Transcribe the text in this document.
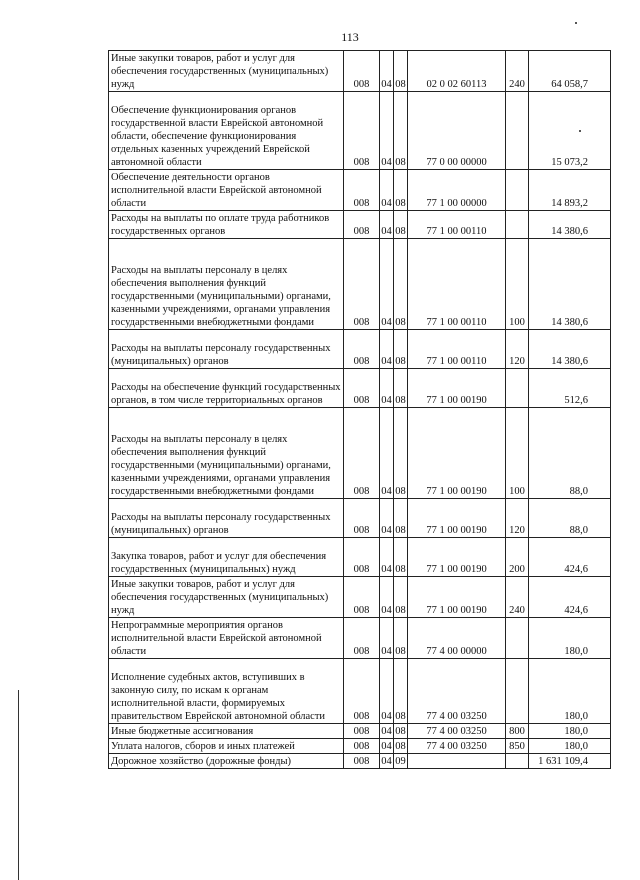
113
Иные закупки товаров, работ и услуг для обеспечения государственных (муниципальных) нужд	008	04	08	02 0 02 60113	240	64 058,7
Обеспечение функционирования органов государственной власти Еврейской автономной области, обеспечение функционирования отдельных казенных учреждений Еврейской автономной области	008	04	08	77 0 00 00000		15 073,2
Обеспечение деятельности органов исполнительной власти Еврейской автономной области	008	04	08	77 1 00 00000		14 893,2
Расходы на выплаты по оплате труда работников государственных органов	008	04	08	77 1 00 00110		14 380,6
Расходы на выплаты персоналу в целях обеспечения выполнения функций государственными (муниципальными) органами, казенными учреждениями, органами управления государственными внебюджетными фондами	008	04	08	77 1 00 00110	100	14 380,6
Расходы на выплаты персоналу государственных (муниципальных) органов	008	04	08	77 1 00 00110	120	14 380,6
Расходы на обеспечение функций государственных органов, в том числе территориальных органов	008	04	08	77 1 00 00190		512,6
Расходы на выплаты персоналу в целях обеспечения выполнения функций государственными (муниципальными) органами, казенными учреждениями, органами управления государственными внебюджетными фондами	008	04	08	77 1 00 00190	100	88,0
Расходы на выплаты персоналу государственных (муниципальных) органов	008	04	08	77 1 00 00190	120	88,0
Закупка товаров, работ и услуг для обеспечения государственных (муниципальных) нужд	008	04	08	77 1 00 00190	200	424,6
Иные закупки товаров, работ и услуг для обеспечения государственных (муниципальных) нужд	008	04	08	77 1 00 00190	240	424,6
Непрограммные мероприятия органов исполнительной власти Еврейской автономной области	008	04	08	77 4 00 00000		180,0
Исполнение судебных актов, вступивших в законную силу, по искам к органам исполнительной власти, формируемых правительством Еврейской автономной области	008	04	08	77 4 00 03250		180,0
Иные бюджетные ассигнования	008	04	08	77 4 00 03250	800	180,0
Уплата налогов, сборов и иных платежей	008	04	08	77 4 00 03250	850	180,0
Дорожное хозяйство (дорожные фонды)	008	04	09			1 631 109,4
